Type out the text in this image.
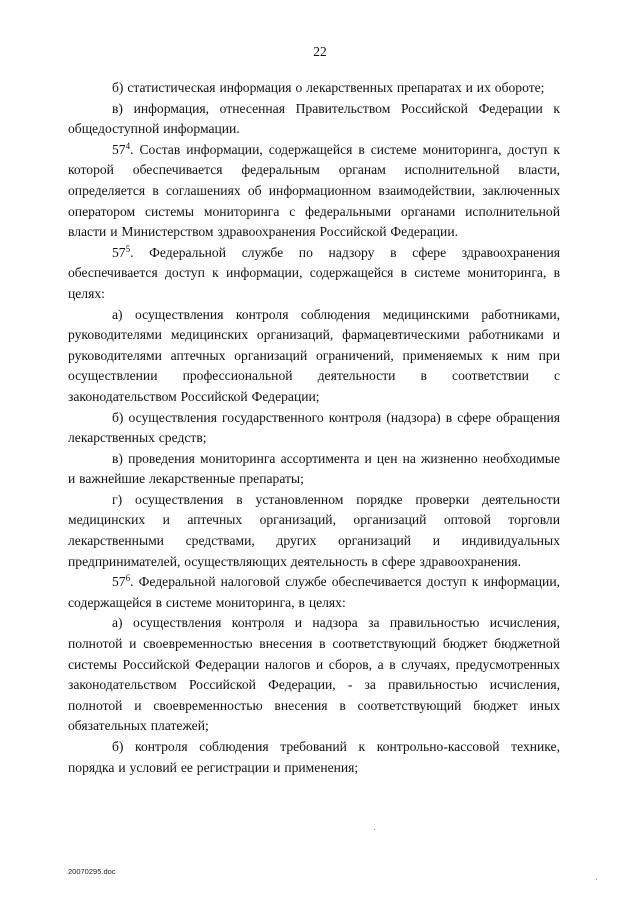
22

б) статистическая информация о лекарственных препаратах и их обороте;

в) информация, отнесенная Правительством Российской Федерации к общедоступной информации.

$57^4$. Состав информации, содержащейся в системе мониторинга, доступ к которой обеспечивается федеральным органам исполнительной власти, определяется в соглашениях об информационном взаимодействии, заключенных оператором системы мониторинга с федеральными органами исполнительной власти и Министерством здравоохранения Российской Федерации.

$57^5$. Федеральной службе по надзору в сфере здравоохранения обеспечивается доступ к информации, содержащейся в системе мониторинга, в целях:

а) осуществления контроля соблюдения медицинскими работниками, руководителями медицинских организаций, фармацевтическими работниками и руководителями аптечных организаций ограничений, применяемых к ним при осуществлении профессиональной деятельности в соответствии с законодательством Российской Федерации;

б) осуществления государственного контроля (надзора) в сфере обращения лекарственных средств;

в) проведения мониторинга ассортимента и цен на жизненно необходимые и важнейшие лекарственные препараты;

г) осуществления в установленном порядке проверки деятельности медицинских и аптечных организаций, организаций оптовой торговли лекарственными средствами, других организаций и индивидуальных предпринимателей, осуществляющих деятельность в сфере здравоохранения.

$57^6$. Федеральной налоговой службе обеспечивается доступ к информации, содержащейся в системе мониторинга, в целях:

а) осуществления контроля и надзора за правильностью исчисления, полнотой и своевременностью внесения в соответствующий бюджет бюджетной системы Российской Федерации налогов и сборов, а в случаях, предусмотренных законодательством Российской Федерации, - за правильностью исчисления, полнотой и своевременностью внесения в соответствующий бюджет иных обязательных платежей;

б) контроля соблюдения требований к контрольно-кассовой технике, порядка и условий ее регистрации и применения;

20070295.doc
